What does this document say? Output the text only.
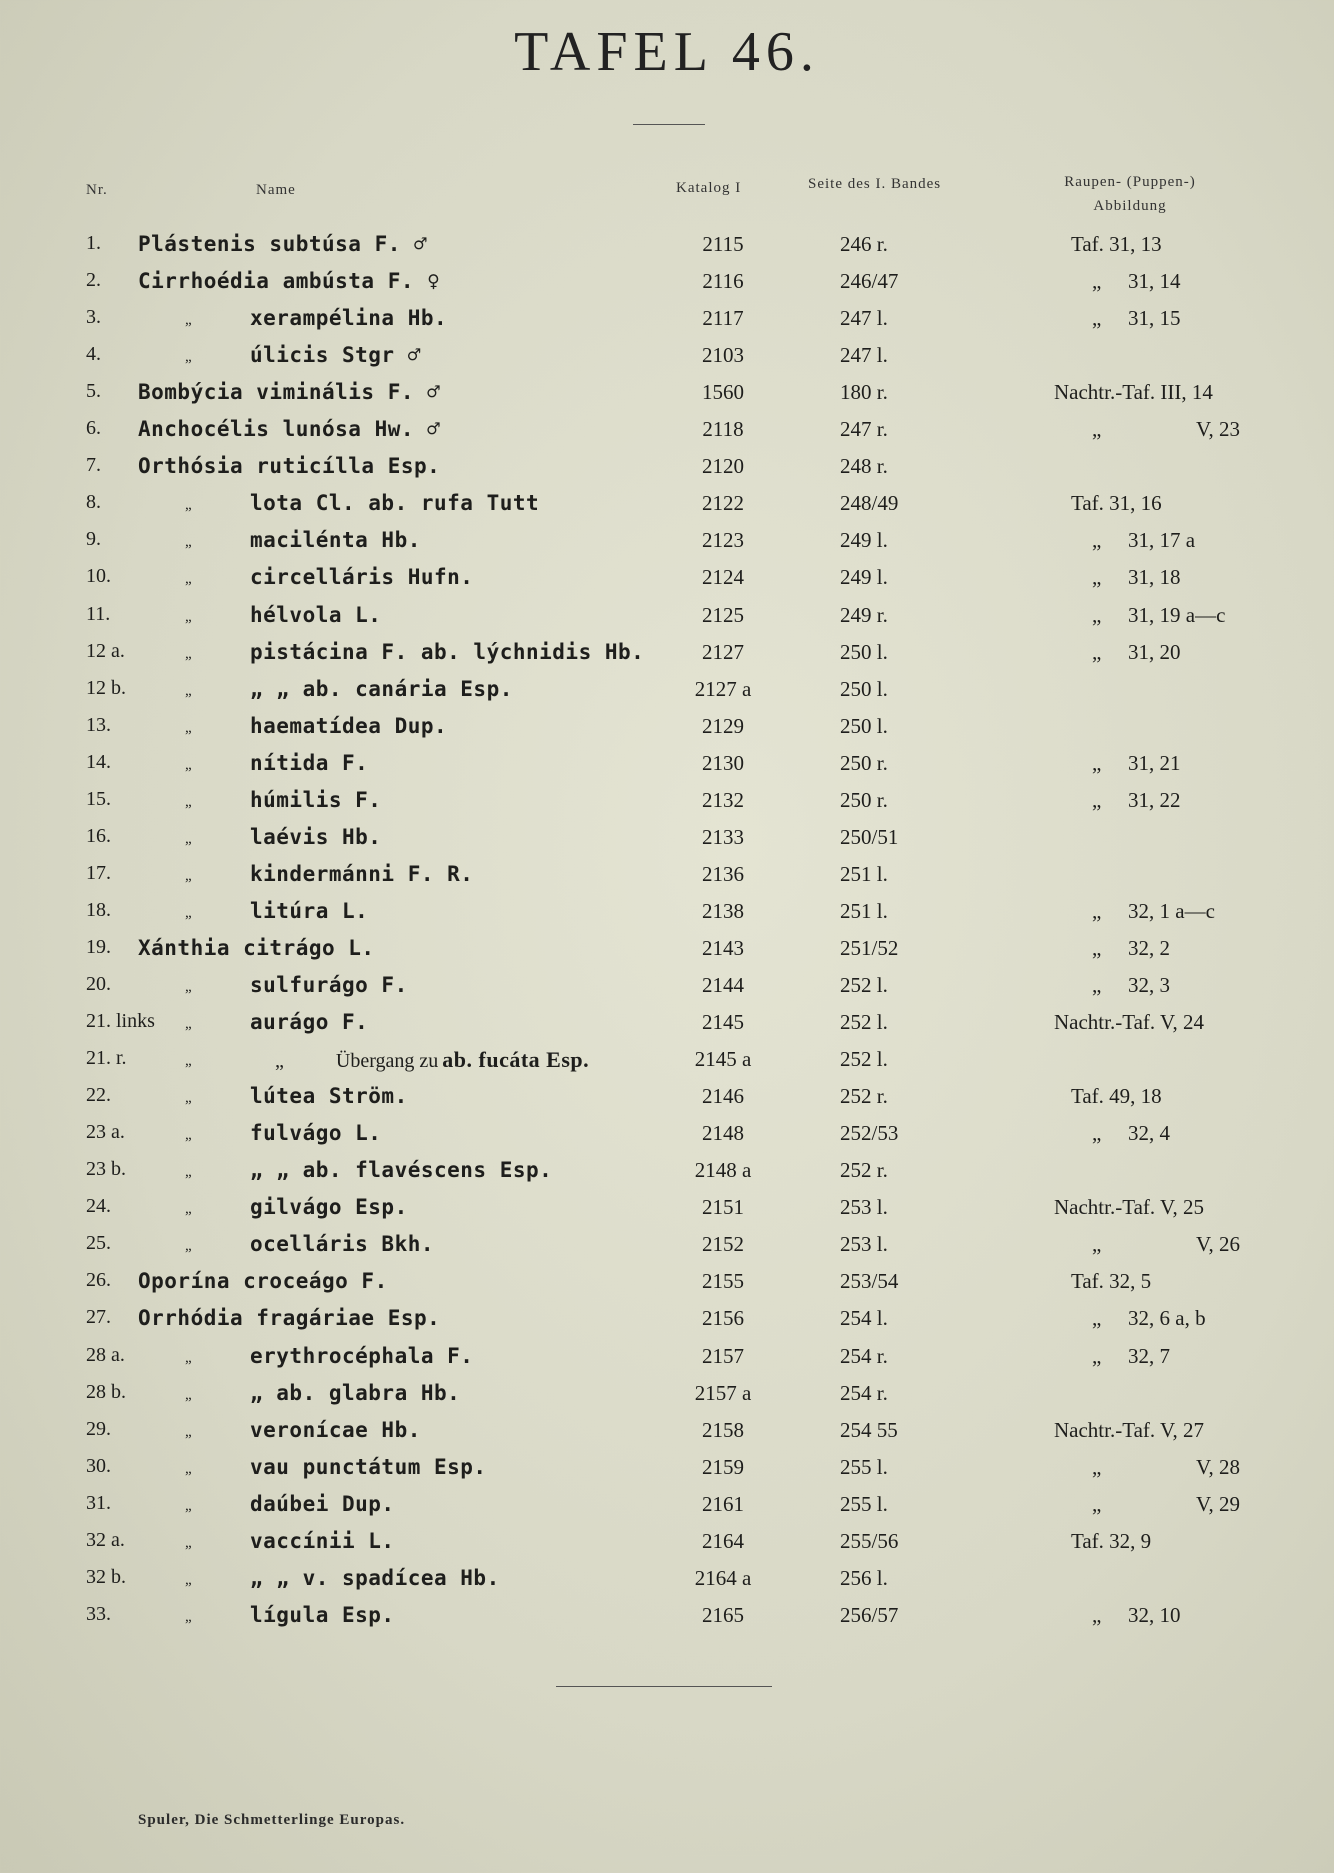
TAFEL 46.
Nr.	Name	Katalog I	Seite des I. Bandes	Raupen- (Puppen-)
Abbildung
1. Plástenis subtúsa F. ♂	2115	246 r.	Taf. 31, 13
2. Cirrhoédia ambústa F. ♀	2116	246/47	„	31, 14
3.	„	xerampélina Hb.	2117	247 l.	„	31, 15
4.	„	úlicis Stgr ♂	2103	247 l.
5. Bombýcia viminális F. ♂	1560	180 r.	Nachtr.-Taf. III, 14
6. Anchocélis lunósa Hw. ♂	2118	247 r.	„	V, 23
7. Orthósia ruticílla Esp.	2120	248 r.
8.	„	lota Cl. ab. rufa Tutt	2122	248/49	Taf. 31, 16
9.	„	macilénta Hb.	2123	249 l.	„	31, 17 a
10.	„	circelláris Hufn.	2124	249 l.	„	31, 18
11.	„	hélvola L.	2125	249 r.	„	31, 19 a—c
12 a.	„	pistácina F. ab. lýchnidis Hb.	2127	250 l.	„	31, 20
12 b.	„	„ „ ab. canária Esp.	2127 a	250 l.
13.	„	haematídea Dup.	2129	250 l.
14.	„	nítida F.	2130	250 r.	„	31, 21
15.	„	húmilis F.	2132	250 r.	„	31, 22
16.	„	laévis Hb.	2133	250/51
17.	„	kindermánni F. R.	2136	251 l.
18.	„	litúra L.	2138	251 l.	„	32, 1 a—c
19. Xánthia citrágo L.	2143	251/52	„	32, 2
20.	„	sulfurágo F.	2144	252 l.	„	32, 3
21. links „	aurágo F.	2145	252 l.	Nachtr.-Taf. V, 24
21. r.	„	„	Übergang zu ab. fucáta Esp.	2145 a	252 l.
22.	„	lútea Ström.	2146	252 r.	Taf. 49, 18
23 a.	„	fulvágo L.	2148	252/53	„	32, 4
23 b.	„	„ „ ab. flavéscens Esp.	2148 a	252 r.
24.	„	gilvágo Esp.	2151	253 l.	Nachtr.-Taf. V, 25
25.	„	ocelláris Bkh.	2152	253 l.	„	V, 26
26. Oporína croceágo F.	2155	253/54	Taf. 32, 5
27. Orrhódia fragáriae Esp.	2156	254 l.	„	32, 6 a, b
28 a.	„	erythrocéphala F.	2157	254 r.	„	32, 7
28 b.	„	„ ab. glabra Hb.	2157 a	254 r.
29.	„	veronícae Hb.	2158	254 55	Nachtr.-Taf. V, 27
30.	„	vau punctátum Esp.	2159	255 l.	„	V, 28
31.	„	daúbei Dup.	2161	255 l.	„	V, 29
32 a.	„	vaccínii L.	2164	255/56	Taf. 32, 9
32 b.	„	„ „ v. spadícea Hb.	2164 a	256 l.
33.	„	lígula Esp.	2165	256/57	„	32, 10
Spuler, Die Schmetterlinge Europas.
